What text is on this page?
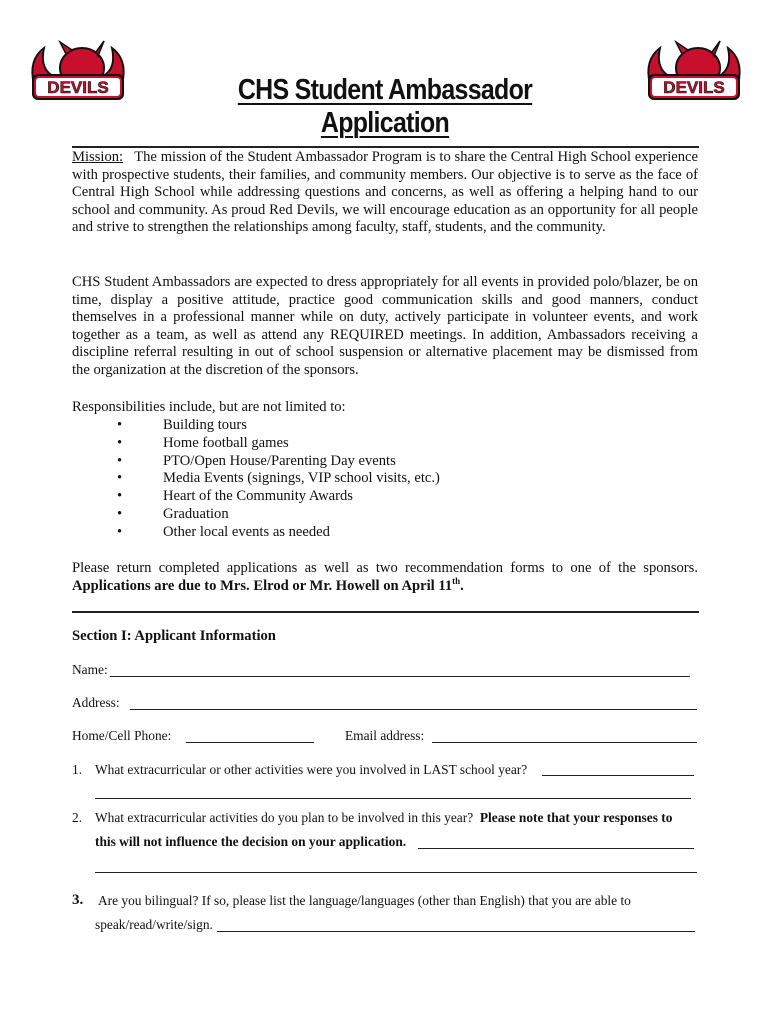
DEVILS	DEVILS
CHS Student Ambassador Application
Mission: The mission of the Student Ambassador Program is to share the Central High School experience with prospective students, their families, and community members. Our objective is to serve as the face of Central High School while addressing questions and concerns, as well as offering a helping hand to our school and community. As proud Red Devils, we will encourage education as an opportunity for all people and strive to strengthen the relationships among faculty, staff, students, and the community.
CHS Student Ambassadors are expected to dress appropriately for all events in provided polo/blazer, be on time, display a positive attitude, practice good communication skills and good manners, conduct themselves in a professional manner while on duty, actively participate in volunteer events, and work together as a team, as well as attend any REQUIRED meetings. In addition, Ambassadors receiving a discipline referral resulting in out of school suspension or alternative placement may be dismissed from the organization at the discretion of the sponsors.
Responsibilities include, but are not limited to:
• Building tours
• Home football games
• PTO/Open House/Parenting Day events
• Media Events (signings, VIP school visits, etc.)
• Heart of the Community Awards
• Graduation
• Other local events as needed
Please return completed applications as well as two recommendation forms to one of the sponsors. Applications are due to Mrs. Elrod or Mr. Howell on April 11th.
Section I: Applicant Information
Name:
Address:
Home/Cell Phone:	Email address:
1. What extracurricular or other activities were you involved in LAST school year?
2. What extracurricular activities do you plan to be involved in this year? Please note that your responses to
this will not influence the decision on your application.
3. Are you bilingual? If so, please list the language/languages (other than English) that you are able to
speak/read/write/sign.
